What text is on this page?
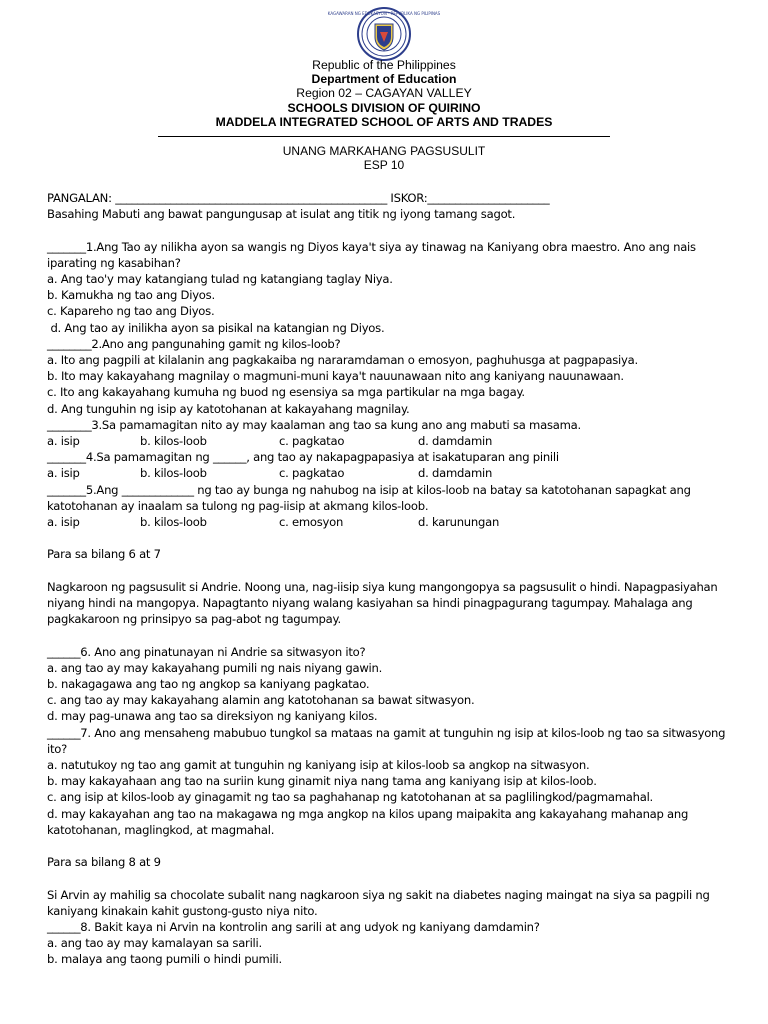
KAGAWARAN NG EDUKASYON · REPUBLIKA NG PILIPINAS
Republic of the Philippines
Department of Education
Region 02 – CAGAYAN VALLEY
SCHOOLS DIVISION OF QUIRINO
MADDELA INTEGRATED SCHOOL OF ARTS AND TRADES
UNANG MARKAHANG PAGSUSULIT
ESP 10

PANGALAN: _________________________________________________ ISKOR:______________________

Basahing Mabuti ang bawat pangungusap at isulat ang titik ng iyong tamang sagot.

_______1.Ang Tao ay nilikha ayon sa wangis ng Diyos kaya't siya ay tinawag na Kaniyang obra maestro. Ano ang nais iparating ng kasabihan?

a. Ang tao'y may katangiang tulad ng katangiang taglay Niya.

b. Kamukha ng tao ang Diyos.

c. Kapareho ng tao ang Diyos.

d. Ang tao ay inilikha ayon sa pisikal na katangian ng Diyos.

________2.Ano ang pangunahing gamit ng kilos-loob?

a. Ito ang pagpili at kilalanin ang pagkakaiba ng nararamdaman o emosyon, paghuhusga at pagpapasiya.

b. Ito may kakayahang magnilay o magmuni-muni kaya't nauunawaan nito ang kaniyang nauunawaan.

c. Ito ang kakayahang kumuha ng buod ng esensiya sa mga partikular na mga bagay.

d. Ang tunguhin ng isip ay katotohanan at kakayahang magnilay.

________3.Sa pamamagitan nito ay may kaalaman ang tao sa kung ano ang mabuti sa masama.

a. isip	b. kilos-loob	c. pagkatao	d. damdamin

_______4.Sa pamamagitan ng ______, ang tao ay nakapagpapasiya at isakatuparan ang pinili

a. isip	b. kilos-loob	c. pagkatao	d. damdamin

_______5.Ang _____________ ng tao ay bunga ng nahubog na isip at kilos-loob na batay sa katotohanan sapagkat ang katotohanan ay inaalam sa tulong ng pag-iisip at akmang kilos-loob.

a. isip	b. kilos-loob	c. emosyon	d. karunungan

Para sa bilang 6 at 7

Nagkaroon ng pagsusulit si Andrie. Noong una, nag-iisip siya kung mangongopya sa pagsusulit o hindi. Napagpasiyahan niyang hindi na mangopya. Napagtanto niyang walang kasiyahan sa hindi pinagpagurang tagumpay. Mahalaga ang pagkakaroon ng prinsipyo sa pag-abot ng tagumpay.

______6. Ano ang pinatunayan ni Andrie sa sitwasyon ito?

a. ang tao ay may kakayahang pumili ng nais niyang gawin.

b. nakagagawa ang tao ng angkop sa kaniyang pagkatao.

c. ang tao ay may kakayahang alamin ang katotohanan sa bawat sitwasyon.

d. may pag-unawa ang tao sa direksiyon ng kaniyang kilos.

______7. Ano ang mensaheng mabubuo tungkol sa mataas na gamit at tunguhin ng isip at kilos-loob ng tao sa sitwasyong ito?

a. natutukoy ng tao ang gamit at tunguhin ng kaniyang isip at kilos-loob sa angkop na sitwasyon.

b. may kakayahaan ang tao na suriin kung ginamit niya nang tama ang kaniyang isip at kilos-loob.

c. ang isip at kilos-loob ay ginagamit ng tao sa paghahanap ng katotohanan at sa paglilingkod/pagmamahal.

d. may kakayahan ang tao na makagawa ng mga angkop na kilos upang maipakita ang kakayahang mahanap ang katotohanan, maglingkod, at magmahal.

Para sa bilang 8 at 9

Si Arvin ay mahilig sa chocolate subalit nang nagkaroon siya ng sakit na diabetes naging maingat na siya sa pagpili ng kaniyang kinakain kahit gustong-gusto niya nito.

______8. Bakit kaya ni Arvin na kontrolin ang sarili at ang udyok ng kaniyang damdamin?

a. ang tao ay may kamalayan sa sarili.

b. malaya ang taong pumili o hindi pumili.
